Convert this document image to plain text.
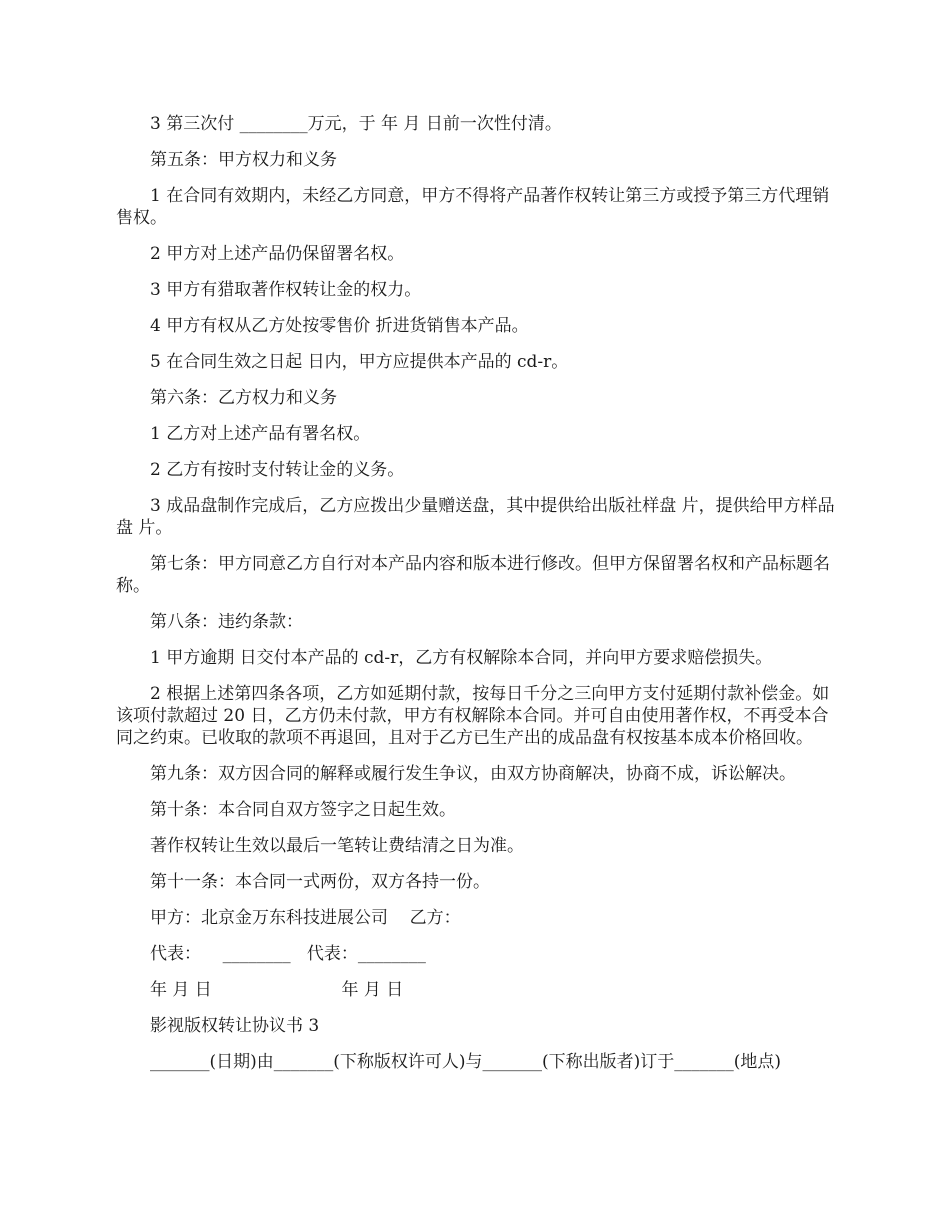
3 第三次付 ________万元，于 年 月 日前一次性付清。

第五条：甲方权力和义务

1 在合同有效期内，未经乙方同意，甲方不得将产品著作权转让第三方或授予第三方代理销售权。

2 甲方对上述产品仍保留署名权。

3 甲方有猎取著作权转让金的权力。

4 甲方有权从乙方处按零售价 折进货销售本产品。

5 在合同生效之日起 日内，甲方应提供本产品的 cd-r。

第六条：乙方权力和义务

1 乙方对上述产品有署名权。

2 乙方有按时支付转让金的义务。

3 成品盘制作完成后，乙方应拨出少量赠送盘，其中提供给出版社样盘 片，提供给甲方样品盘 片。

第七条：甲方同意乙方自行对本产品内容和版本进行修改。但甲方保留署名权和产品标题名称。

第八条：违约条款：

1 甲方逾期 日交付本产品的 cd-r，乙方有权解除本合同，并向甲方要求赔偿损失。

2 根据上述第四条各项，乙方如延期付款，按每日千分之三向甲方支付延期付款补偿金。如该项付款超过 20 日，乙方仍未付款，甲方有权解除本合同。并可自由使用著作权，不再受本合同之约束。已收取的款项不再退回，且对于乙方已生产出的成品盘有权按基本成本价格回收。

第九条：双方因合同的解释或履行发生争议，由双方协商解决，协商不成，诉讼解决。

第十条：本合同自双方签字之日起生效。

著作权转让生效以最后一笔转让费结清之日为准。

第十一条：本合同一式两份，双方各持一份。

甲方：北京金万东科技进展公司    乙方：

代表：    ________   代表：________

年 月 日                        年 月 日

影视版权转让协议书 3

_______(日期)由_______(下称版权许可人)与_______(下称出版者)订于_______(地点)
